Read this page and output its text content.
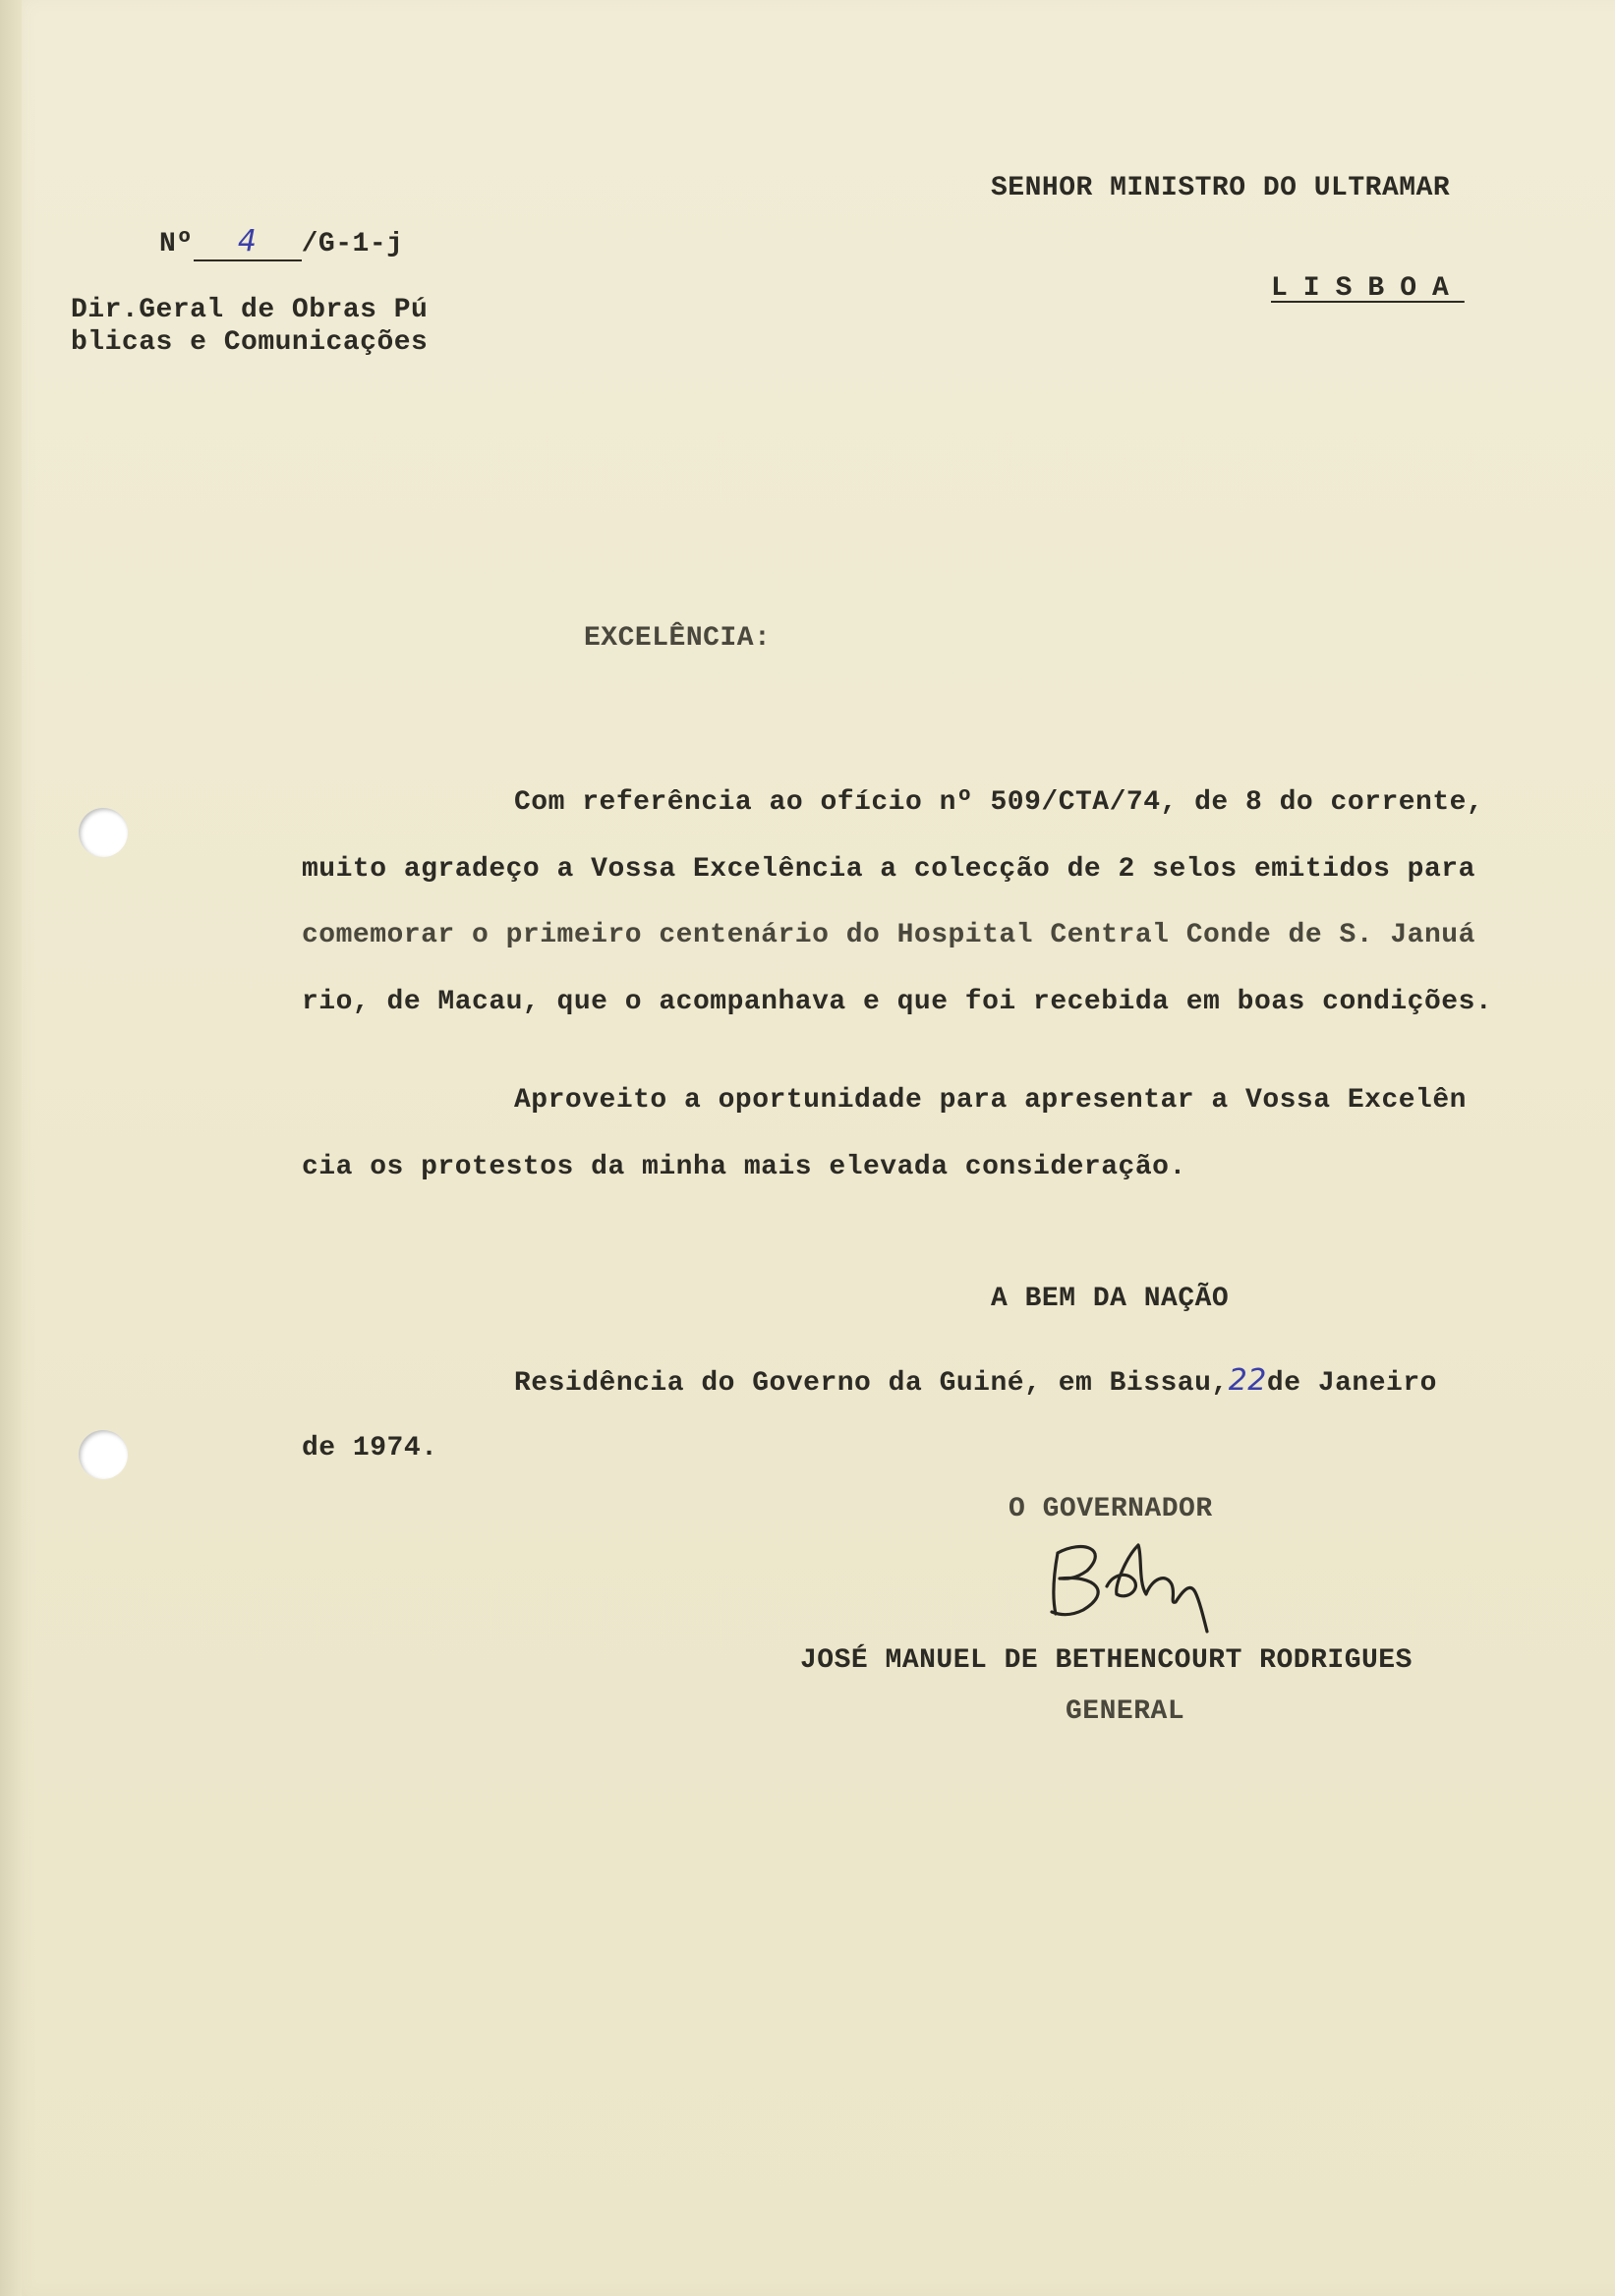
Nº 4 /G-1-j
Dir.Geral de Obras Pú
blicas e Comunicações
SENHOR MINISTRO DO ULTRAMAR
LISBOA
EXCELÊNCIA:
Com referência ao ofício nº 509/CTA/74, de 8 do corrente,
muito agradeço a Vossa Excelência a colecção de 2 selos emitidos para
comemorar o primeiro centenário do Hospital Central Conde de S. Januá
rio, de Macau, que o acompanhava e que foi recebida em boas condições.
Aproveito a oportunidade para apresentar a Vossa Excelên
cia os protestos da minha mais elevada consideração.
A BEM DA NAÇÃO
Residência do Governo da Guiné, em Bissau,22de Janeiro
de 1974.
O GOVERNADOR
JOSÉ MANUEL DE BETHENCOURT RODRIGUES
GENERAL
